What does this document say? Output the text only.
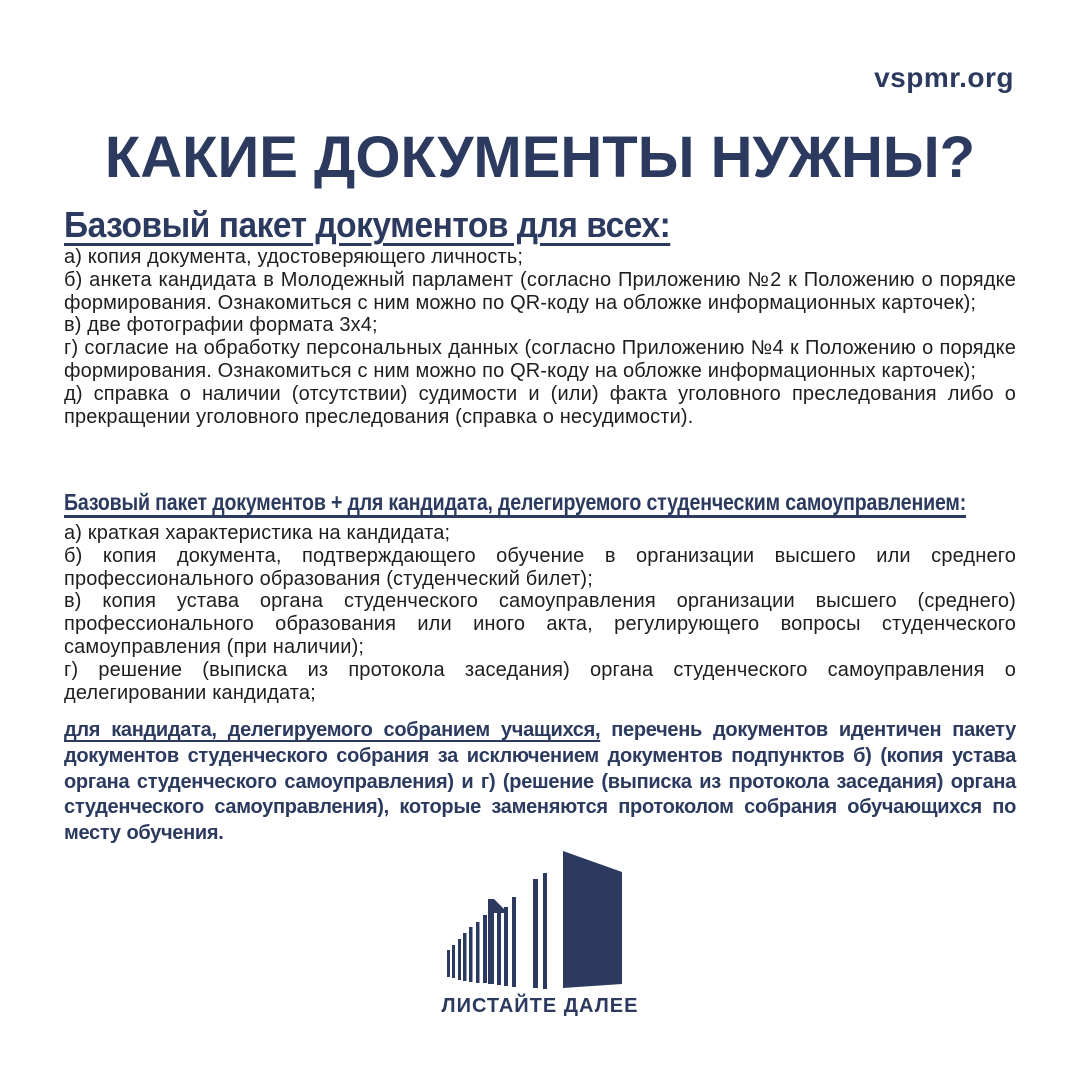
vspmr.org
КАКИЕ ДОКУМЕНТЫ НУЖНЫ?
Базовый пакет документов для всех:

а) копия документа, удостоверяющего личность;

б) анкета кандидата в Молодежный парламент (согласно Приложению №2 к Положению о порядке формирования. Ознакомиться с ним можно по QR-коду на обложке информационных карточек);

в) две фотографии формата 3х4;

г) согласие на обработку персональных данных (согласно Приложению №4 к Положению о порядке формирования. Ознакомиться с ним можно по QR-коду на обложке информационных карточек);

д) справка о наличии (отсутствии) судимости и (или) факта уголовного преследования либо о прекращении уголовного преследования (справка о несудимости).

Базовый пакет документов + для кандидата, делегируемого студенческим самоуправлением:

а) краткая характеристика на кандидата;

б) копия документа, подтверждающего обучение в организации высшего или среднего профессионального образования (студенческий билет);

в) копия устава органа студенческого самоуправления организации высшего (среднего) профессионального образования или иного акта, регулирующего вопросы студенческого самоуправления (при наличии);

г) решение (выписка из протокола заседания) органа студенческого самоуправления о делегировании кандидата;

для кандидата, делегируемого собранием учащихся, перечень документов идентичен пакету документов студенческого собрания за исключением документов подпунктов б) (копия устава органа студенческого самоуправления) и г) (решение (выписка из протокола заседания) органа студенческого самоуправления), которые заменяются протоколом собрания обучающихся по месту обучения.
ЛИСТАЙТЕ ДАЛЕЕ
